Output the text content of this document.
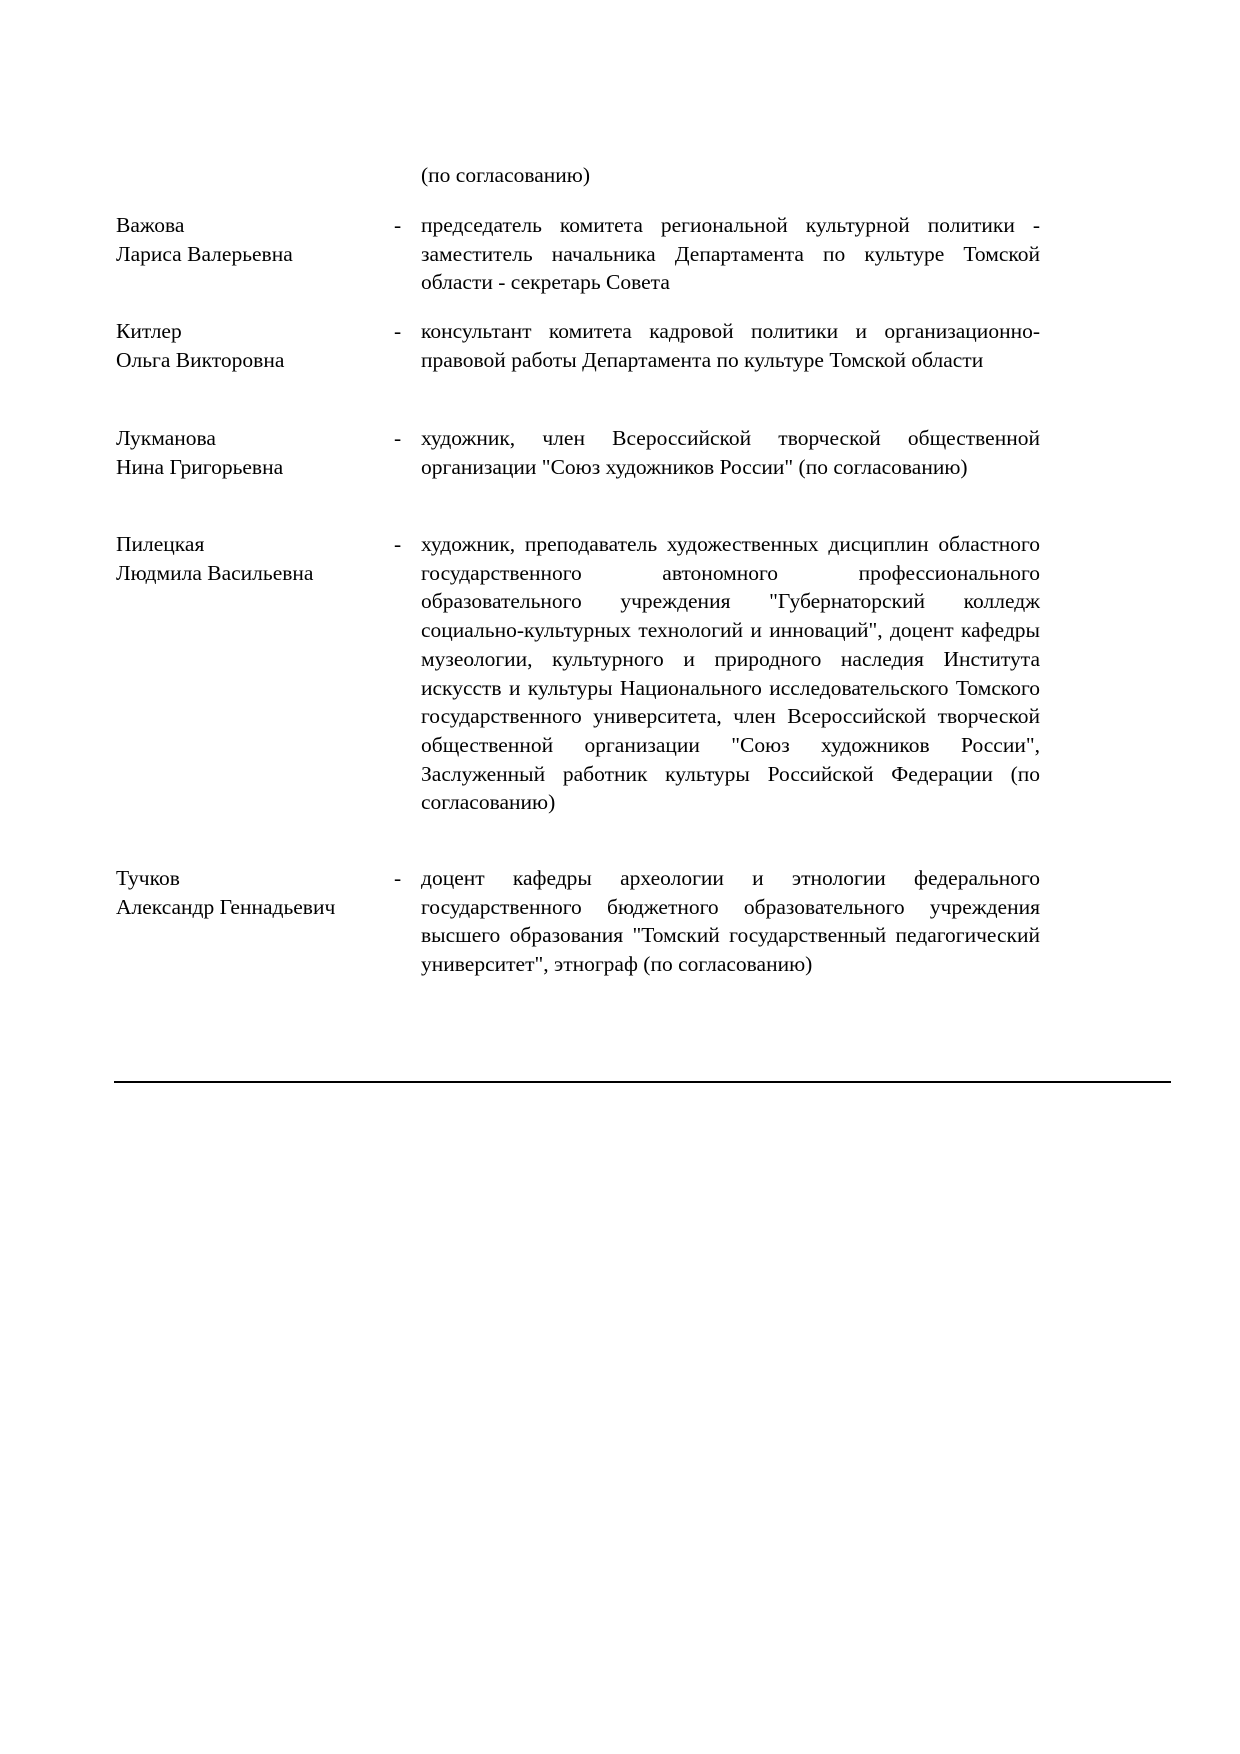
(по согласованию)
Важова
Лариса Валерьевна
- председатель комитета региональной культурной политики - заместитель начальника Департамента по культуре Томской области - секретарь Совета
Китлер
Ольга Викторовна
- консультант комитета кадровой политики и организационно-правовой работы Департамента по культуре Томской области
Лукманова
Нина Григорьевна
- художник, член Всероссийской творческой общественной организации "Союз художников России" (по согласованию)
Пилецкая
Людмила Васильевна
- художник, преподаватель художественных дисциплин областного государственного автономного профессионального образовательного учреждения "Губернаторский колледж социально-культурных технологий и инноваций", доцент кафедры музеологии, культурного и природного наследия Института искусств и культуры Национального исследовательского Томского государственного университета, член Всероссийской творческой общественной организации "Союз художников России", Заслуженный работник культуры Российской Федерации (по согласованию)
Тучков
Александр Геннадьевич
- доцент кафедры археологии и этнологии федерального государственного бюджетного образовательного учреждения высшего образования "Томский государственный педагогический университет", этнограф (по согласованию)
